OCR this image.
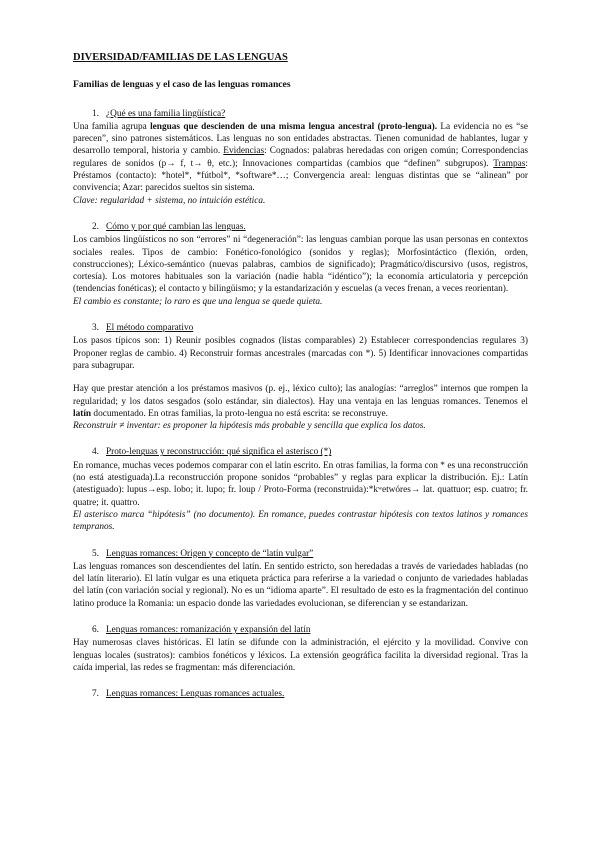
DIVERSIDAD/FAMILIAS DE LAS LENGUAS
Familias de lenguas y el caso de las lenguas romances
1. ¿Qué es una familia lingüística?

Una familia agrupa lenguas que descienden de una misma lengua ancestral (proto-lengua). La evidencia no es “se parecen”, sino patrones sistemáticos. Las lenguas no son entidades abstractas. Tienen comunidad de hablantes, lugar y desarrollo temporal, historia y cambio. Evidencias: Cognados: palabras heredadas con origen común; Correspondencias regulares de sonidos (p→ f, t→ θ, etc.); Innovaciones compartidas (cambios que “definen” subgrupos). Trampas: Préstamos (contacto): *hotel*, *fútbol*, *software*…; Convergencia areal: lenguas distintas que se “alinean” por convivencia; Azar: parecidos sueltos sin sistema.

Clave: regularidad + sistema, no intuición estética.

2. Cómo y por qué cambian las lenguas.

Los cambios lingüísticos no son “errores” ni “degeneración”: las lenguas cambian porque las usan personas en contextos sociales reales. Tipos de cambio: Fonético-fonológico (sonidos y reglas); Morfosintáctico (flexión, orden, construcciones); Léxico-semántico (nuevas palabras, cambios de significado); Pragmático/discursivo (usos, registros, cortesía). Los motores habituales son la variación (nadie habla “idéntico”); la economía articulatoria y percepción (tendencias fonéticas); el contacto y bilingüismo; y la estandarización y escuelas (a veces frenan, a veces reorientan).

El cambio es constante; lo raro es que una lengua se quede quieta.

3. El método comparativo

Los pasos típicos son: 1) Reunir posibles cognados (listas comparables) 2) Establecer correspondencias regulares 3) Proponer reglas de cambio. 4) Reconstruir formas ancestrales (marcadas con *). 5) Identificar innovaciones compartidas para subagrupar.

Hay que prestar atención a los préstamos masivos (p. ej., léxico culto); las analogías: “arreglos” internos que rompen la regularidad; y los datos sesgados (solo estándar, sin dialectos). Hay una ventaja en las lenguas romances. Tenemos el latín documentado. En otras familias, la proto-lengua no está escrita: se reconstruye.

Reconstruir ≠ inventar: es proponer la hipótesis más probable y sencilla que explica los datos.

4. Proto-lenguas y reconstrucción: qué significa el asterisco (*)

En romance, muchas veces podemos comparar con el latín escrito. En otras familias, la forma con * es una reconstrucción (no está atestiguada).La reconstrucción propone sonidos “probables” y reglas para explicar la distribución. Ej.: Latín (atestiguado): lupus→esp. lobo; it. lupo; fr. loup / Proto-Forma (reconstruida):*kʷetwóres→ lat. quattuor; esp. cuatro; fr. quatre; it. quattro.

El asterisco marca “hipótesis” (no documento). En romance, puedes contrastar hipótesis con textos latinos y romances tempranos.

5. Lenguas romances: Origen y concepto de “latín vulgar”

Las lenguas romances son descendientes del latín. En sentido estricto, son heredadas a través de variedades habladas (no del latín literario). El latín vulgar es una etiqueta práctica para referirse a la variedad o conjunto de variedades habladas del latín (con variación social y regional). No es un “idioma aparte”. El resultado de esto es la fragmentación del continuo latino produce la Romania: un espacio donde las variedades evolucionan, se diferencian y se estandarizan.

6. Lenguas romances: romanización y expansión del latín

Hay numerosas claves históricas. El latín se difunde con la administración, el ejército y la movilidad. Convive con lenguas locales (sustratos): cambios fonéticos y léxicos. La extensión geográfica facilita la diversidad regional. Tras la caída imperial, las redes se fragmentan: más diferenciación.

7. Lenguas romances: Lenguas romances actuales.
